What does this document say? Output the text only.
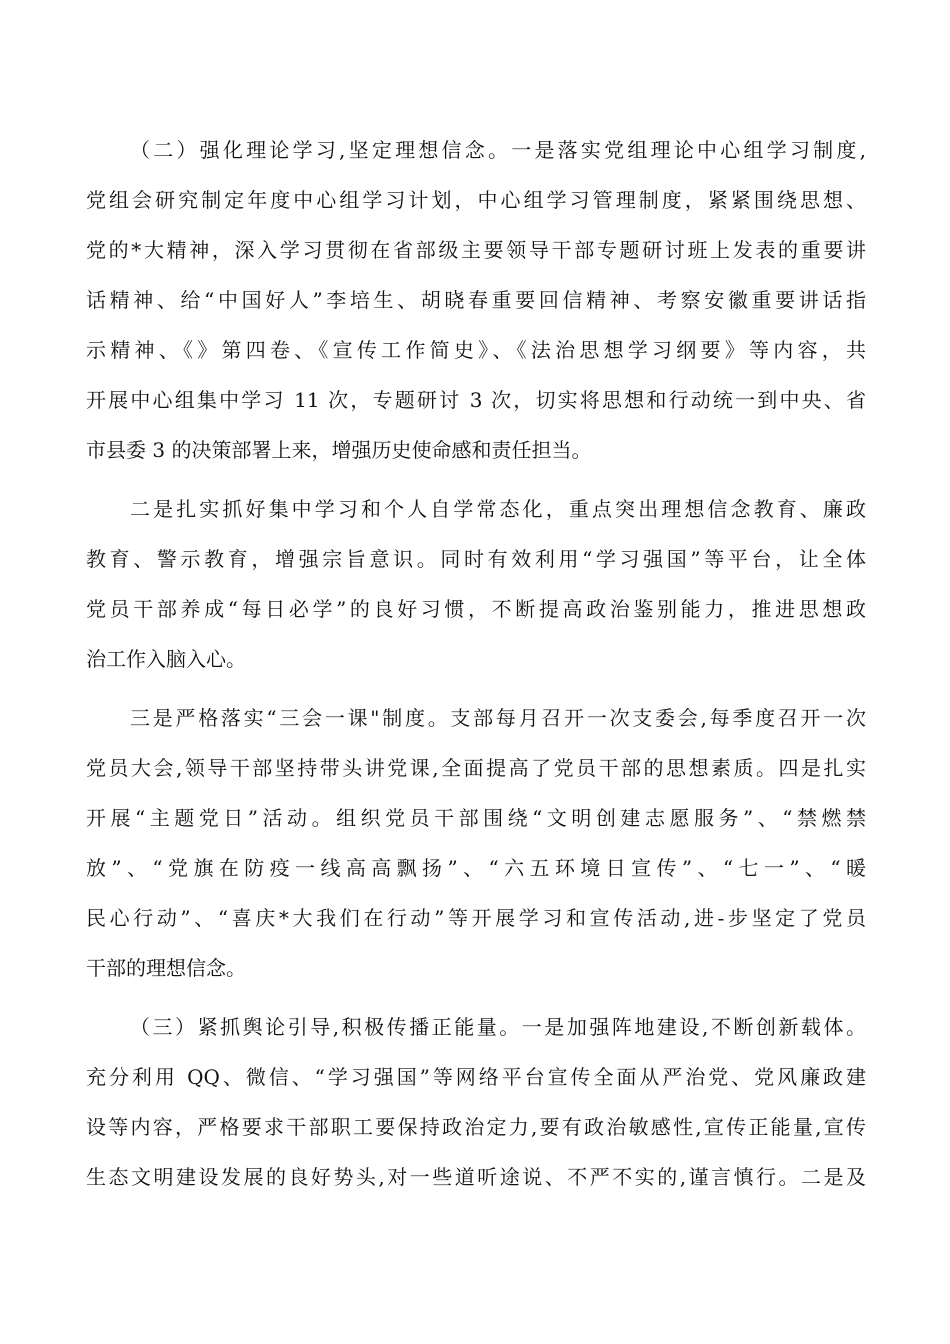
（二）强化理论学习,坚定理想信念。一是落实党组理论中心组学习制度,
党组会研究制定年度中心组学习计划，中心组学习管理制度，紧紧围绕思想、
党的*大精神，深入学习贯彻在省部级主要领导干部专题研讨班上发表的重要讲
话精神、给“中国好人”李培生、胡晓春重要回信精神、考察安徽重要讲话指
示精神、《》第四卷、《宣传工作简史》、《法治思想学习纲要》等内容，共
开展中心组集中学习 11 次，专题研讨 3 次，切实将思想和行动统一到中央、省
市县委 3 的决策部署上来，增强历史使命感和责任担当。
二是扎实抓好集中学习和个人自学常态化，重点突出理想信念教育、廉政
教育、警示教育，增强宗旨意识。同时有效利用“学习强国”等平台，让全体
党员干部养成“每日必学”的良好习惯，不断提高政治鉴别能力，推进思想政
治工作入脑入心。
三是严格落实“三会一课"制度。支部每月召开一次支委会,每季度召开一次
党员大会,领导干部坚持带头讲党课,全面提高了党员干部的思想素质。四是扎实
开展“主题党日”活动。组织党员干部围绕“文明创建志愿服务”、“禁燃禁
放”、“党旗在防疫一线高高飘扬”、“六五环境日宣传”、“七一”、“暖
民心行动”、“喜庆*大我们在行动”等开展学习和宣传活动,进-步坚定了党员
干部的理想信念。
（三）紧抓舆论引导,积极传播正能量。一是加强阵地建设,不断创新载体。
充分利用 QQ、微信、“学习强国”等网络平台宣传全面从严治党、党风廉政建
设等内容，严格要求干部职工要保持政治定力,要有政治敏感性,宣传正能量,宣传
生态文明建设发展的良好势头,对一些道听途说、不严不实的,谨言慎行。二是及
